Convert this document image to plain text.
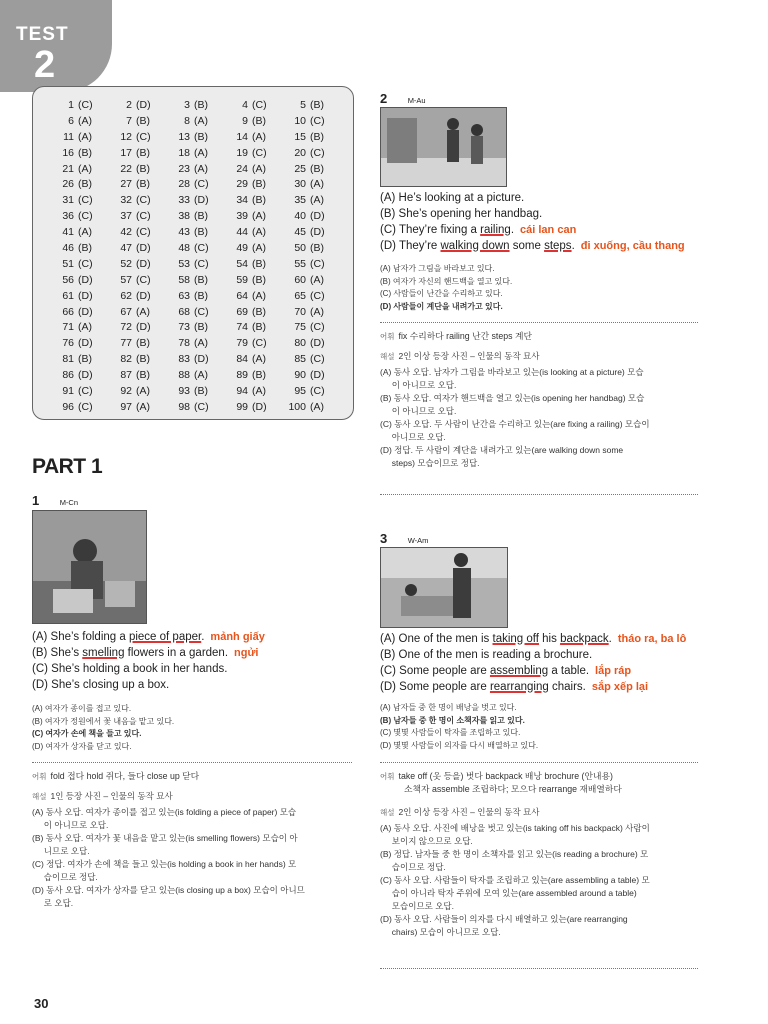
TEST
2
1 (C)	2 (D)	3 (B)	4 (C)	5 (B)
6 (A)	7 (B)	8 (A)	9 (B)	10 (C)
11 (A)	12 (C)	13 (B)	14 (A)	15 (B)
16 (B)	17 (B)	18 (A)	19 (C)	20 (C)
21 (A)	22 (B)	23 (A)	24 (A)	25 (B)
26 (B)	27 (B)	28 (C)	29 (B)	30 (A)
31 (C)	32 (C)	33 (D)	34 (B)	35 (A)
36 (C)	37 (C)	38 (B)	39 (A)	40 (D)
41 (A)	42 (C)	43 (B)	44 (A)	45 (D)
46 (B)	47 (D)	48 (C)	49 (A)	50 (B)
51 (C)	52 (D)	53 (C)	54 (B)	55 (C)
56 (D)	57 (C)	58 (B)	59 (B)	60 (A)
61 (D)	62 (D)	63 (B)	64 (A)	65 (C)
66 (D)	67 (A)	68 (C)	69 (B)	70 (A)
71 (A)	72 (D)	73 (B)	74 (B)	75 (C)
76 (D)	77 (B)	78 (A)	79 (C)	80 (D)
81 (B)	82 (B)	83 (D)	84 (A)	85 (C)
86 (D)	87 (B)	88 (A)	89 (B)	90 (D)
91 (C)	92 (A)	93 (B)	94 (A)	95 (C)
96 (C)	97 (A)	98 (C)	99 (D)	100 (A)
PART 1
1	M-Cn
(A) She’s folding a piece of paper. mảnh giấy
(B) She’s smelling flowers in a garden. ngửi
(C) She’s holding a book in her hands.
(D) She’s closing up a box.
(A) 여자가 종이를 접고 있다.
(B) 여자가 정원에서 꽃 내음을 맡고 있다.
(C) 여자가 손에 책을 들고 있다.
(D) 여자가 상자를 닫고 있다.
어휘 fold 접다 hold 쥐다, 들다 close up 닫다
해설 1인 등장 사진 – 인물의 동작 묘사
(A) 동사 오답. 여자가 종이를 접고 있는(is folding a piece of paper) 모습
이 아니므로 오답.
(B) 동사 오답. 여자가 꽃 내음을 맡고 있는(is smelling flowers) 모습이 아
니므로 오답.
(C) 정답. 여자가 손에 책을 들고 있는(is holding a book in her hands) 모
습이므로 정답.
(D) 동사 오답. 여자가 상자를 닫고 있는(is closing up a box) 모습이 아니므
로 오답.
2	M-Au
(A) He’s looking at a picture.
(B) She’s opening her handbag.
(C) They’re fixing a railing. cái lan can
(D) They’re walking down some steps. đi xuống, cầu thang
(A) 남자가 그림을 바라보고 있다.
(B) 여자가 자신의 핸드백을 열고 있다.
(C) 사람들이 난간을 수리하고 있다.
(D) 사람들이 계단을 내려가고 있다.
어휘 fix 수리하다 railing 난간 steps 계단
해설 2인 이상 등장 사진 – 인물의 동작 묘사
(A) 동사 오답. 남자가 그림을 바라보고 있는(is looking at a picture) 모습
이 아니므로 오답.
(B) 동사 오답. 여자가 핸드백을 열고 있는(is opening her handbag) 모습
이 아니므로 오답.
(C) 동사 오답. 두 사람이 난간을 수리하고 있는(are fixing a railing) 모습이
아니므로 오답.
(D) 정답. 두 사람이 계단을 내려가고 있는(are walking down some
steps) 모습이므로 정답.
3	W-Am
(A) One of the men is taking off his backpack. tháo ra, ba lô
(B) One of the men is reading a brochure.
(C) Some people are assembling a table. lắp ráp
(D) Some people are rearranging chairs. sắp xếp lại
(A) 남자들 중 한 명이 배낭을 벗고 있다.
(B) 남자들 중 한 명이 소책자를 읽고 있다.
(C) 몇몇 사람들이 탁자를 조립하고 있다.
(D) 몇몇 사람들이 의자를 다시 배열하고 있다.
어휘 take off (옷 등을) 벗다 backpack 배낭 brochure (안내용)
소책자 assemble 조립하다; 모으다 rearrange 재배열하다
해설 2인 이상 등장 사진 – 인물의 동작 묘사
(A) 동사 오답. 사진에 배낭을 벗고 있는(is taking off his backpack) 사람이
보이지 않으므로 오답.
(B) 정답. 남자들 중 한 명이 소책자를 읽고 있는(is reading a brochure) 모
습이므로 정답.
(C) 동사 오답. 사람들이 탁자를 조립하고 있는(are assembling a table) 모
습이 아니라 탁자 주위에 모여 있는(are assembled around a table)
모습이므로 오답.
(D) 동사 오답. 사람들이 의자를 다시 배열하고 있는(are rearranging
chairs) 모습이 아니므로 오답.
30
